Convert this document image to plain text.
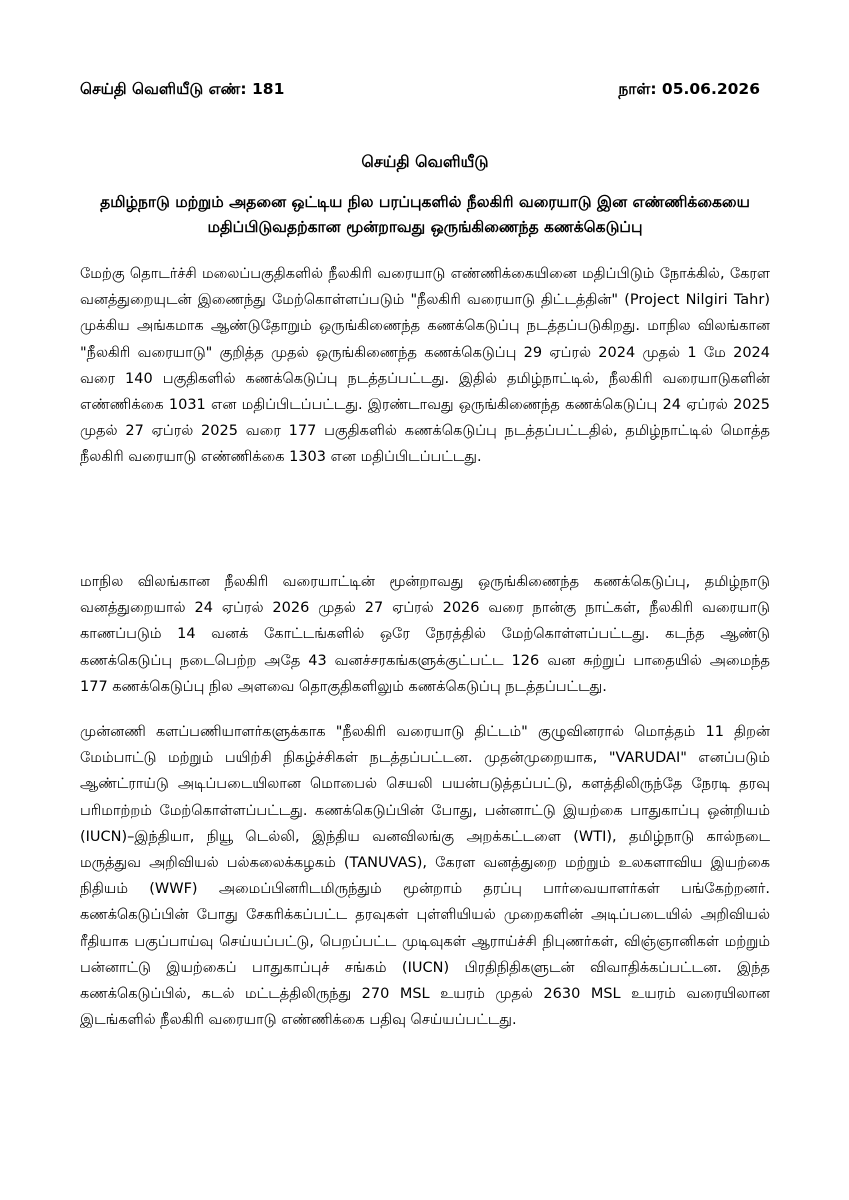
செய்தி வெளியீடு எண்: 181	நாள்: 05.06.2026
செய்தி வெளியீடு
தமிழ்நாடு மற்றும் அதனை ஒட்டிய நில பரப்புகளில் நீலகிரி வரையாடு இன எண்ணிக்கையை மதிப்பிடுவதற்கான மூன்றாவது ஒருங்கிணைந்த கணக்கெடுப்பு

மேற்கு தொடர்ச்சி மலைப்பகுதிகளில் நீலகிரி வரையாடு எண்ணிக்கையினை மதிப்பிடும் நோக்கில், கேரள வனத்துறையுடன் இணைந்து மேற்கொள்ளப்படும் "நீலகிரி வரையாடு திட்டத்தின்" (Project Nilgiri Tahr) முக்கிய அங்கமாக ஆண்டுதோறும் ஒருங்கிணைந்த கணக்கெடுப்பு நடத்தப்படுகிறது. மாநில விலங்கான "நீலகிரி வரையாடு" குறித்த முதல் ஒருங்கிணைந்த கணக்கெடுப்பு 29 ஏப்ரல் 2024 முதல் 1 மே 2024 வரை 140 பகுதிகளில் கணக்கெடுப்பு நடத்தப்பட்டது. இதில் தமிழ்நாட்டில், நீலகிரி வரையாடுகளின் எண்ணிக்கை 1031 என மதிப்பிடப்பட்டது. இரண்டாவது ஒருங்கிணைந்த கணக்கெடுப்பு 24 ஏப்ரல் 2025 முதல் 27 ஏப்ரல் 2025 வரை 177 பகுதிகளில் கணக்கெடுப்பு நடத்தப்பட்டதில், தமிழ்நாட்டில் மொத்த நீலகிரி வரையாடு எண்ணிக்கை 1303 என மதிப்பிடப்பட்டது.

மாநில விலங்கான நீலகிரி வரையாட்டின் மூன்றாவது ஒருங்கிணைந்த கணக்கெடுப்பு, தமிழ்நாடு வனத்துறையால் 24 ஏப்ரல் 2026 முதல் 27 ஏப்ரல் 2026 வரை நான்கு நாட்கள், நீலகிரி வரையாடு காணப்படும் 14 வனக் கோட்டங்களில் ஒரே நேரத்தில் மேற்கொள்ளப்பட்டது. கடந்த ஆண்டு கணக்கெடுப்பு நடைபெற்ற அதே 43 வனச்சரகங்களுக்குட்பட்ட 126 வன சுற்றுப் பாதையில் அமைந்த 177 கணக்கெடுப்பு நில அளவை தொகுதிகளிலும் கணக்கெடுப்பு நடத்தப்பட்டது.

முன்னணி களப்பணியாளர்களுக்காக "நீலகிரி வரையாடு திட்டம்" குழுவினரால் மொத்தம் 11 திறன் மேம்பாட்டு மற்றும் பயிற்சி நிகழ்ச்சிகள் நடத்தப்பட்டன. முதன்முறையாக, "VARUDAI" எனப்படும் ஆண்ட்ராய்டு அடிப்படையிலான மொபைல் செயலி பயன்படுத்தப்பட்டு, களத்திலிருந்தே நேரடி தரவு பரிமாற்றம் மேற்கொள்ளப்பட்டது. கணக்கெடுப்பின் போது, பன்னாட்டு இயற்கை பாதுகாப்பு ஒன்றியம் (IUCN)–இந்தியா, நியூ டெல்லி, இந்திய வனவிலங்கு அறக்கட்டளை (WTI), தமிழ்நாடு கால்நடை மருத்துவ அறிவியல் பல்கலைக்கழகம் (TANUVAS), கேரள வனத்துறை மற்றும் உலகளாவிய இயற்கை நிதியம் (WWF) அமைப்பினரிடமிருந்தும் மூன்றாம் தரப்பு பார்வையாளர்கள் பங்கேற்றனர். கணக்கெடுப்பின் போது சேகரிக்கப்பட்ட தரவுகள் புள்ளியியல் முறைகளின் அடிப்படையில் அறிவியல் ரீதியாக பகுப்பாய்வு செய்யப்பட்டு, பெறப்பட்ட முடிவுகள் ஆராய்ச்சி நிபுணர்கள், விஞ்ஞானிகள் மற்றும் பன்னாட்டு இயற்கைப் பாதுகாப்புச் சங்கம் (IUCN) பிரதிநிதிகளுடன் விவாதிக்கப்பட்டன. இந்த கணக்கெடுப்பில், கடல் மட்டத்திலிருந்து 270 MSL உயரம் முதல் 2630 MSL உயரம் வரையிலான இடங்களில் நீலகிரி வரையாடு எண்ணிக்கை பதிவு செய்யப்பட்டது.
